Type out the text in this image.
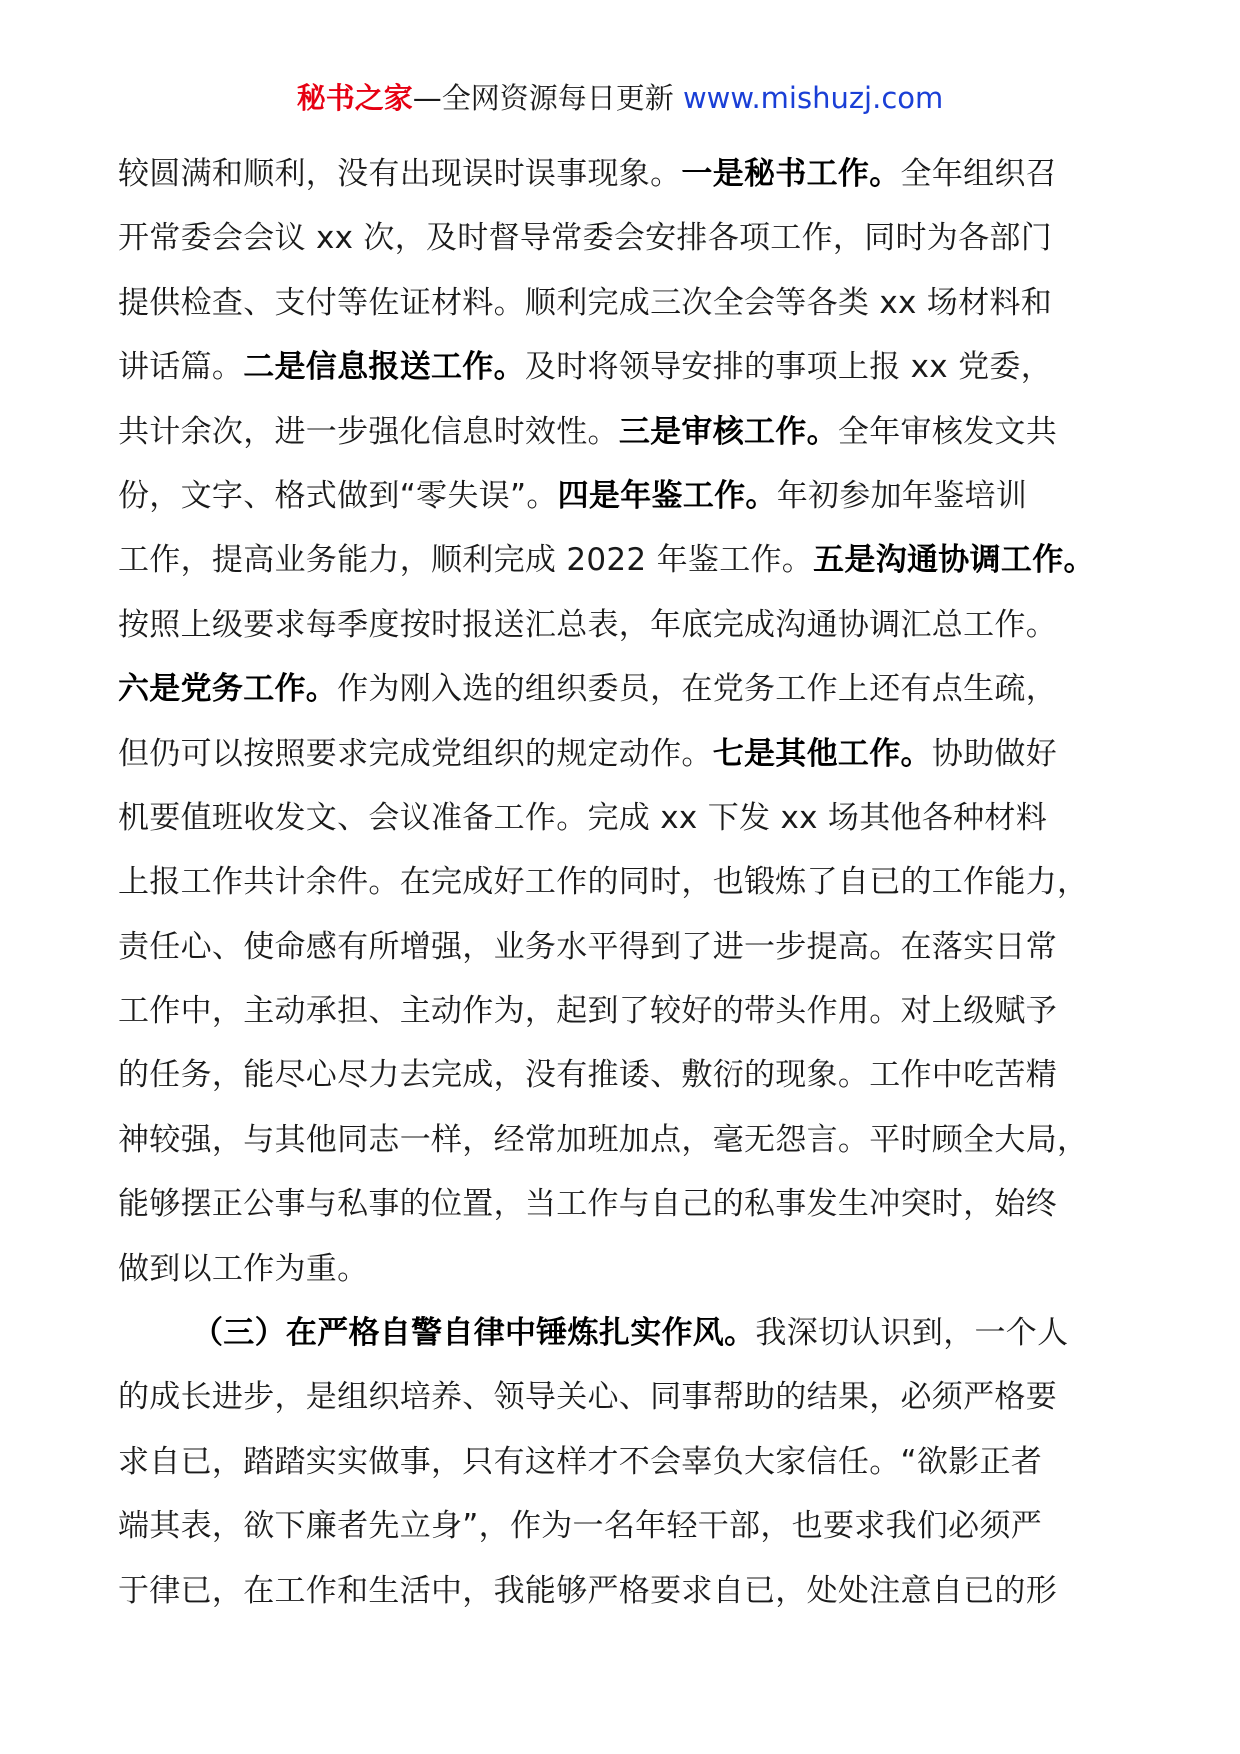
秘书之家—全网资源每日更新 www.mishuzj.com
较圆满和顺利，没有出现误时误事现象。一是秘书工作。全年组织召
开常委会会议 xx 次，及时督导常委会安排各项工作，同时为各部门
提供检查、支付等佐证材料。顺利完成三次全会等各类 xx 场材料和
讲话篇。二是信息报送工作。及时将领导安排的事项上报 xx 党委，
共计余次，进一步强化信息时效性。三是审核工作。全年审核发文共
份，文字、格式做到“零失误”。四是年鉴工作。年初参加年鉴培训
工作，提高业务能力，顺利完成 2022 年鉴工作。五是沟通协调工作。
按照上级要求每季度按时报送汇总表，年底完成沟通协调汇总工作。
六是党务工作。作为刚入选的组织委员，在党务工作上还有点生疏，
但仍可以按照要求完成党组织的规定动作。七是其他工作。协助做好
机要值班收发文、会议准备工作。完成 xx 下发 xx 场其他各种材料
上报工作共计余件。在完成好工作的同时，也锻炼了自已的工作能力，
责任心、使命感有所增强，业务水平得到了进一步提高。在落实日常
工作中，主动承担、主动作为，起到了较好的带头作用。对上级赋予
的任务，能尽心尽力去完成，没有推诿、敷衍的现象。工作中吃苦精
神较强，与其他同志一样，经常加班加点，毫无怨言。平时顾全大局，
能够摆正公事与私事的位置，当工作与自己的私事发生冲突时，始终
做到以工作为重。
（三）在严格自警自律中锤炼扎实作风。我深切认识到，一个人
的成长进步，是组织培养、领导关心、同事帮助的结果，必须严格要
求自已，踏踏实实做事，只有这样才不会辜负大家信任。“欲影正者
端其表，欲下廉者先立身”，作为一名年轻干部，也要求我们必须严
于律已，在工作和生活中，我能够严格要求自已，处处注意自已的形
